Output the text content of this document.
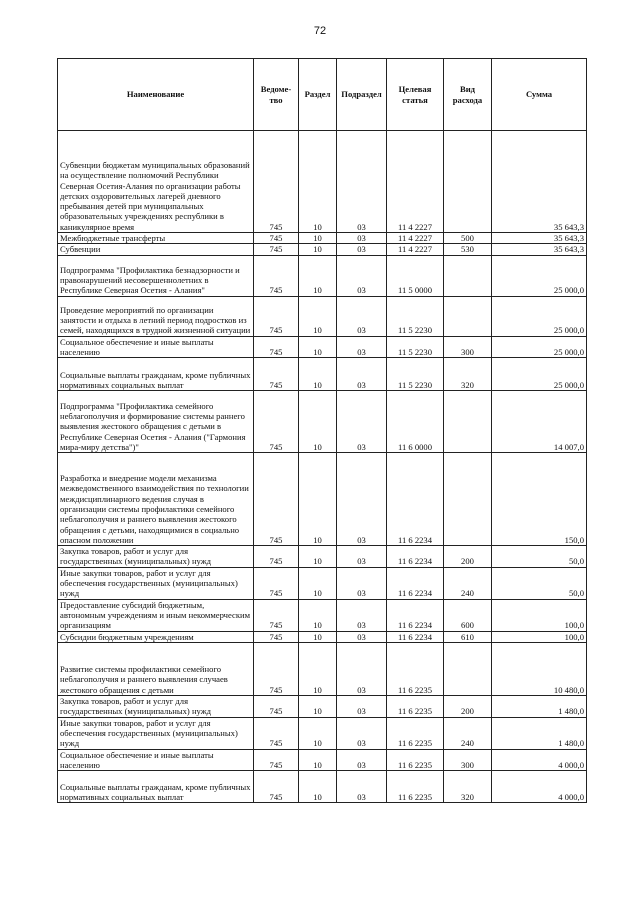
72
Наименование	Ведоме-тво	Раздел	Подраздел	Целевая статья	Вид расхода	Сумма
Субвенции бюджетам муниципальных образований на осуществление полномочий Республики Северная Осетия-Алания по организации работы детских оздоровительных лагерей дневного пребывания детей при муниципальных образовательных учреждениях республики в каникулярное время	745	10	03	11 4 2227		35 643,3
Межбюджетные трансферты	745	10	03	11 4 2227	500	35 643,3
Субвенции	745	10	03	11 4 2227	530	35 643,3
Подпрограмма "Профилактика безнадзорности и правонарушений несовершеннолетних в Республике Северная Осетия - Алания"	745	10	03	11 5 0000		25 000,0
Проведение мероприятий по организации занятости и отдыха в летний период подростков из семей, находящихся в трудной жизненной ситуации	745	10	03	11 5 2230		25 000,0
Социальное обеспечение и иные выплаты населению	745	10	03	11 5 2230	300	25 000,0
Социальные выплаты гражданам, кроме публичных нормативных социальных выплат	745	10	03	11 5 2230	320	25 000,0
Подпрограмма "Профилактика семейного неблагополучия и формирование системы раннего выявления жестокого обращения с детьми в Республике Северная Осетия - Алания ("Гармония мира-миру детства")"	745	10	03	11 6 0000		14 007,0
Разработка и внедрение модели механизма межведомственного взаимодействия по технологии междисциплинарного ведения случая в организации системы профилактики семейного неблагополучия и раннего выявления жестокого обращения с детьми, находящимися в социально опасном положении	745	10	03	11 6 2234		150,0
Закупка товаров, работ и услуг для государственных (муниципальных) нужд	745	10	03	11 6 2234	200	50,0
Иные закупки товаров, работ и услуг для обеспечения государственных (муниципальных) нужд	745	10	03	11 6 2234	240	50,0
Предоставление субсидий бюджетным, автономным учреждениям и иным некоммерческим организациям	745	10	03	11 6 2234	600	100,0
Субсидии бюджетным учреждениям	745	10	03	11 6 2234	610	100,0
Развитие системы профилактики семейного неблагополучия и раннего выявления случаев жестокого обращения с детьми	745	10	03	11 6 2235		10 480,0
Закупка товаров, работ и услуг для государственных (муниципальных) нужд	745	10	03	11 6 2235	200	1 480,0
Иные закупки товаров, работ и услуг для обеспечения государственных (муниципальных) нужд	745	10	03	11 6 2235	240	1 480,0
Социальное обеспечение и иные выплаты населению	745	10	03	11 6 2235	300	4 000,0
Социальные выплаты гражданам, кроме публичных нормативных социальных выплат	745	10	03	11 6 2235	320	4 000,0
